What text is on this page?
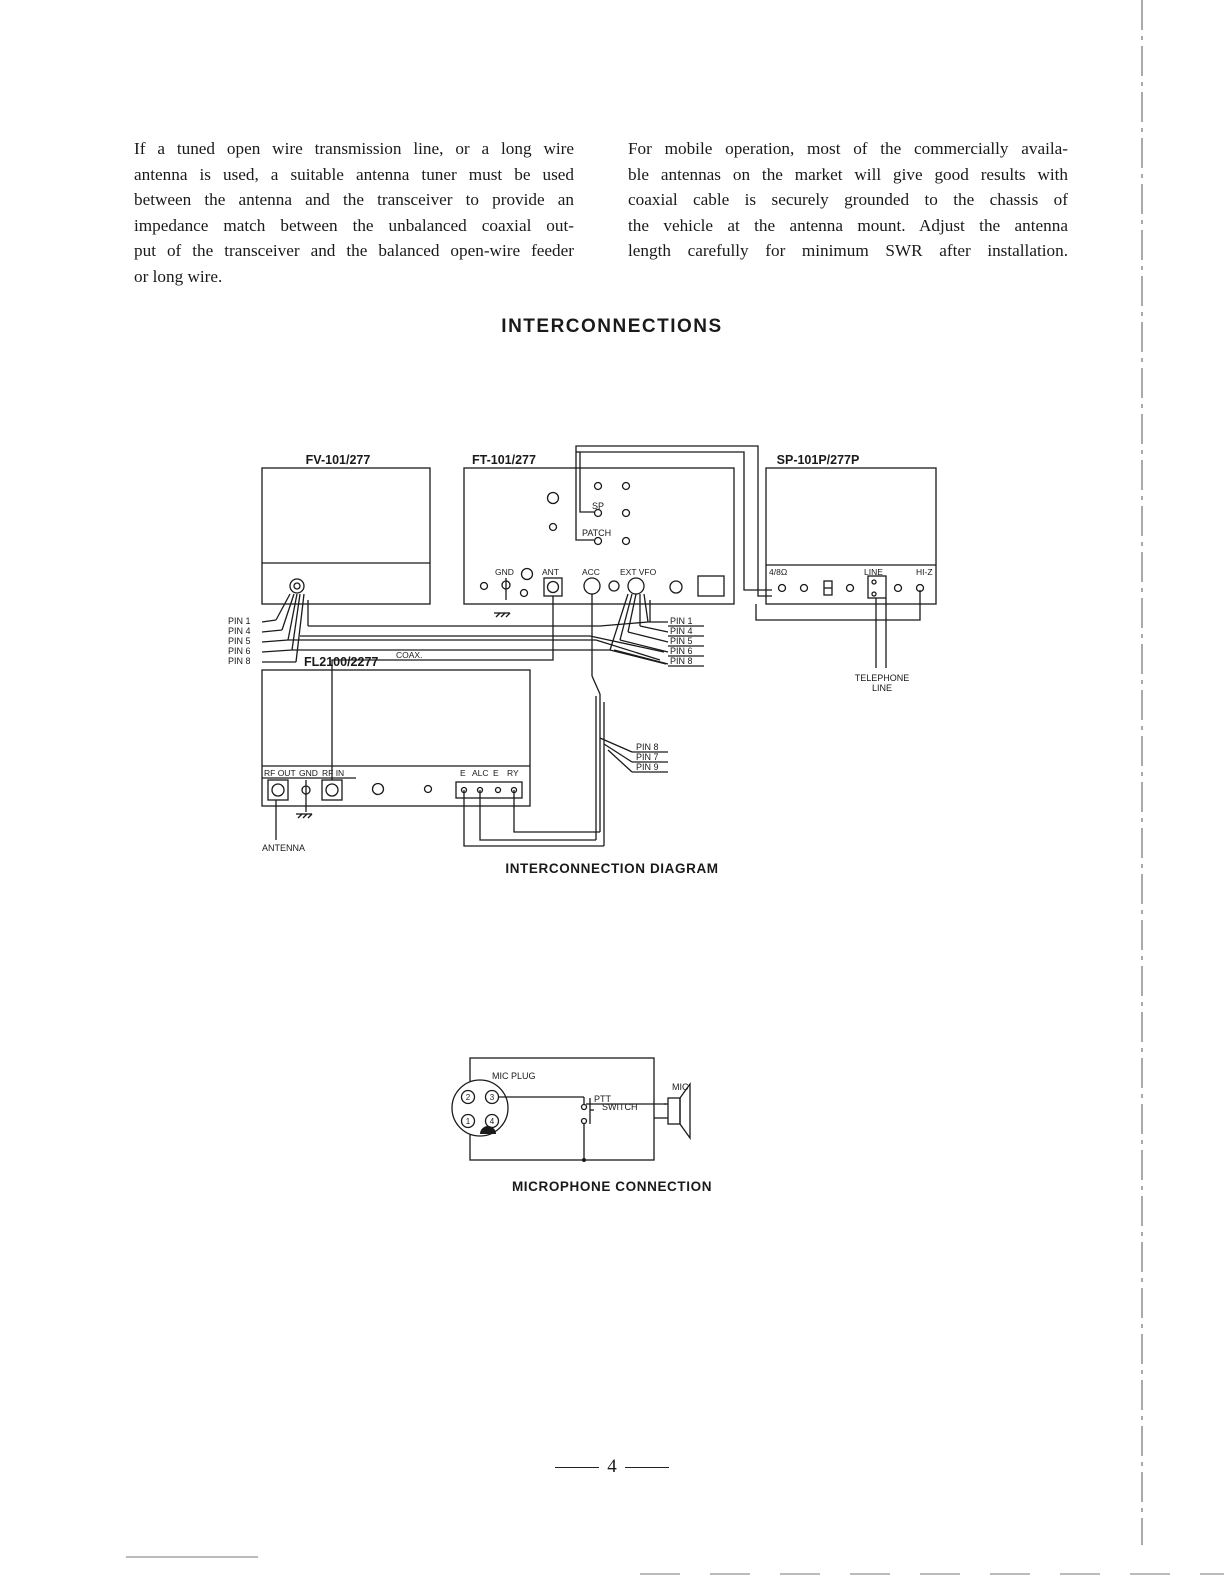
If a tuned open wire transmission line, or a long wire
antenna is used, a suitable antenna tuner must be used
between the antenna and the transceiver to provide an
impedance match between the unbalanced coaxial out-
put of the transceiver and the balanced open-wire feeder
or long wire.
For mobile operation, most of the commercially availa-
ble antennas on the market will give good results with
coaxial cable is securely grounded to the chassis of
the vehicle at the antenna mount. Adjust the antenna
length carefully for minimum SWR after installation.
INTERCONNECTIONS
FV-101/277	FT-101/277	SP-101P/277P
FL2100/2277
SP
PATCH
GND	ANT	ACC EXT VFO	4/8Ω	LINE	HI-Z
TELEPHONE
LINE
RF OUT GND RF IN	E ALC E RY
COAX.
ANTENNA
PIN 1
PIN 4
PIN 5
PIN 6
PIN 8
PIN 1
PIN 4
PIN 5
PIN 6
PIN 8
PIN 8
PIN 7
PIN 9
MIC PLUG
MIC
PTT
SWITCH
2 3
1 4
INTERCONNECTION DIAGRAM
MICROPHONE CONNECTION
4
